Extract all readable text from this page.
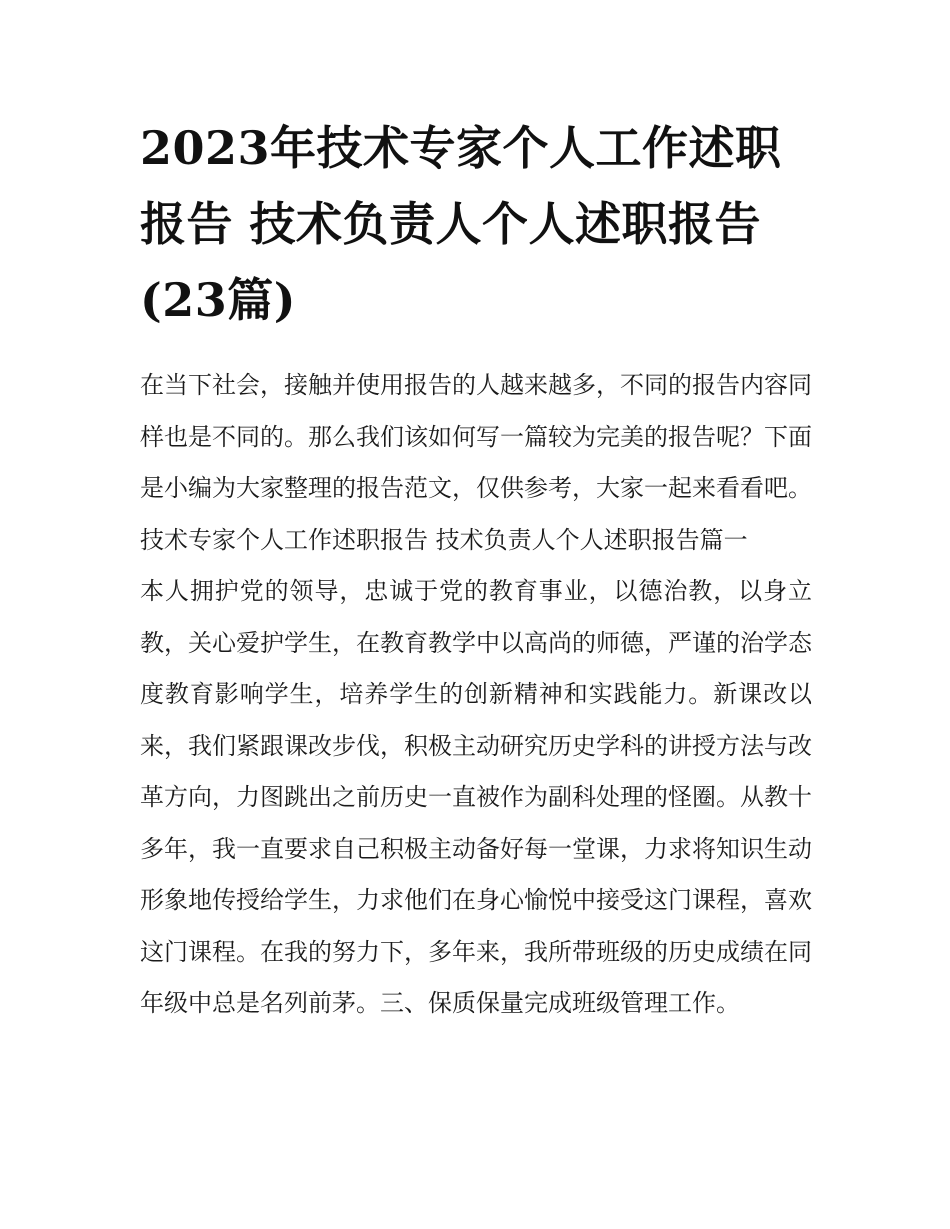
2023年技术专家个人工作述职报告 技术负责人个人述职报告(23篇)

在当下社会，接触并使用报告的人越来越多，不同的报告内容同样也是不同的。那么我们该如何写一篇较为完美的报告呢？下面是小编为大家整理的报告范文，仅供参考，大家一起来看看吧。

技术专家个人工作述职报告 技术负责人个人述职报告篇一

本人拥护党的领导，忠诚于党的教育事业，以德治教，以身立教，关心爱护学生，在教育教学中以高尚的师德，严谨的治学态度教育影响学生，培养学生的创新精神和实践能力。新课改以来，我们紧跟课改步伐，积极主动研究历史学科的讲授方法与改革方向，力图跳出之前历史一直被作为副科处理的怪圈。从教十多年，我一直要求自己积极主动备好每一堂课，力求将知识生动形象地传授给学生，力求他们在身心愉悦中接受这门课程，喜欢这门课程。在我的努力下，多年来，我所带班级的历史成绩在同年级中总是名列前茅。三、保质保量完成班级管理工作。
